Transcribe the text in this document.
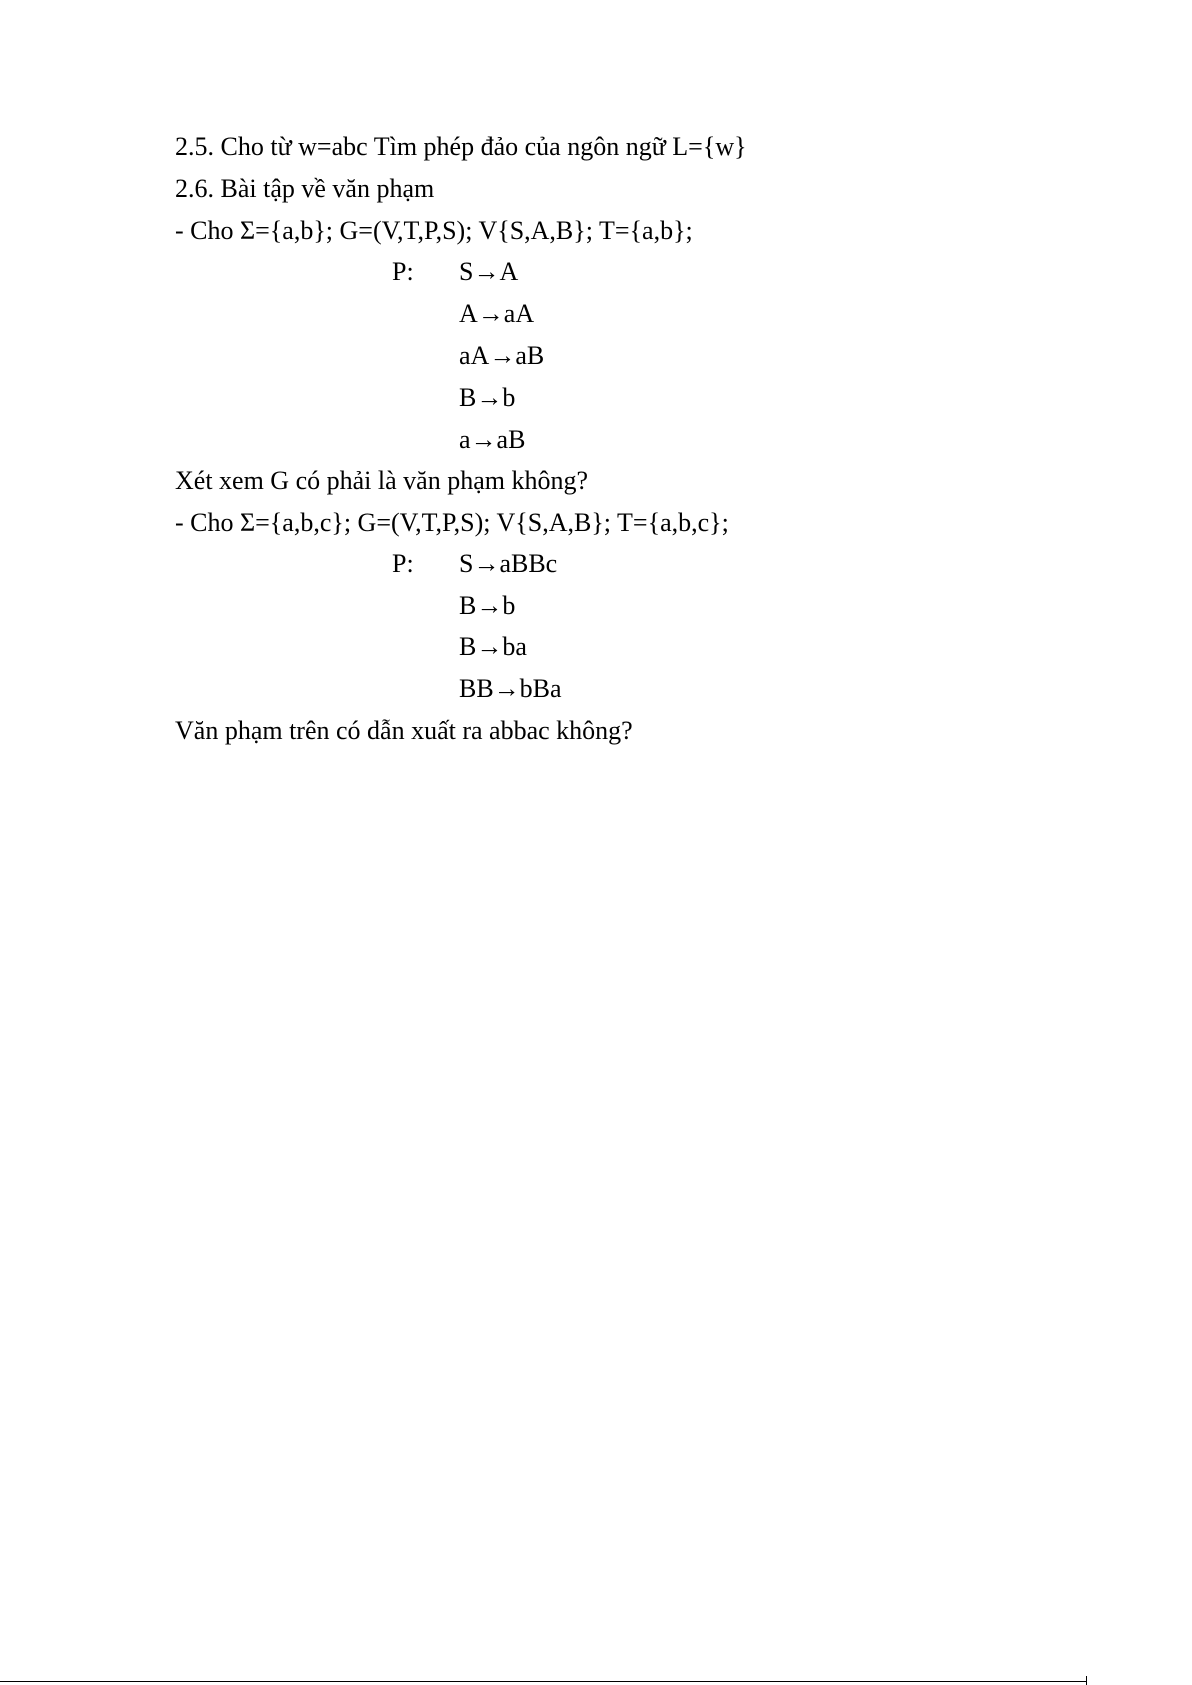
2.5. Cho từ w=abc Tìm phép đảo của ngôn ngữ L={w}
2.6. Bài tập về văn phạm
- Cho Σ={a,b}; G=(V,T,P,S); V{S,A,B}; T={a,b};
P: S→A
A→aA
aA→aB
B→b
a→aB
Xét xem G có phải là văn phạm không?
- Cho Σ={a,b,c}; G=(V,T,P,S); V{S,A,B}; T={a,b,c};
P: S→aBBc
B→b
B→ba
BB→bBa
Văn phạm trên có dẫn xuất ra abbac không?
